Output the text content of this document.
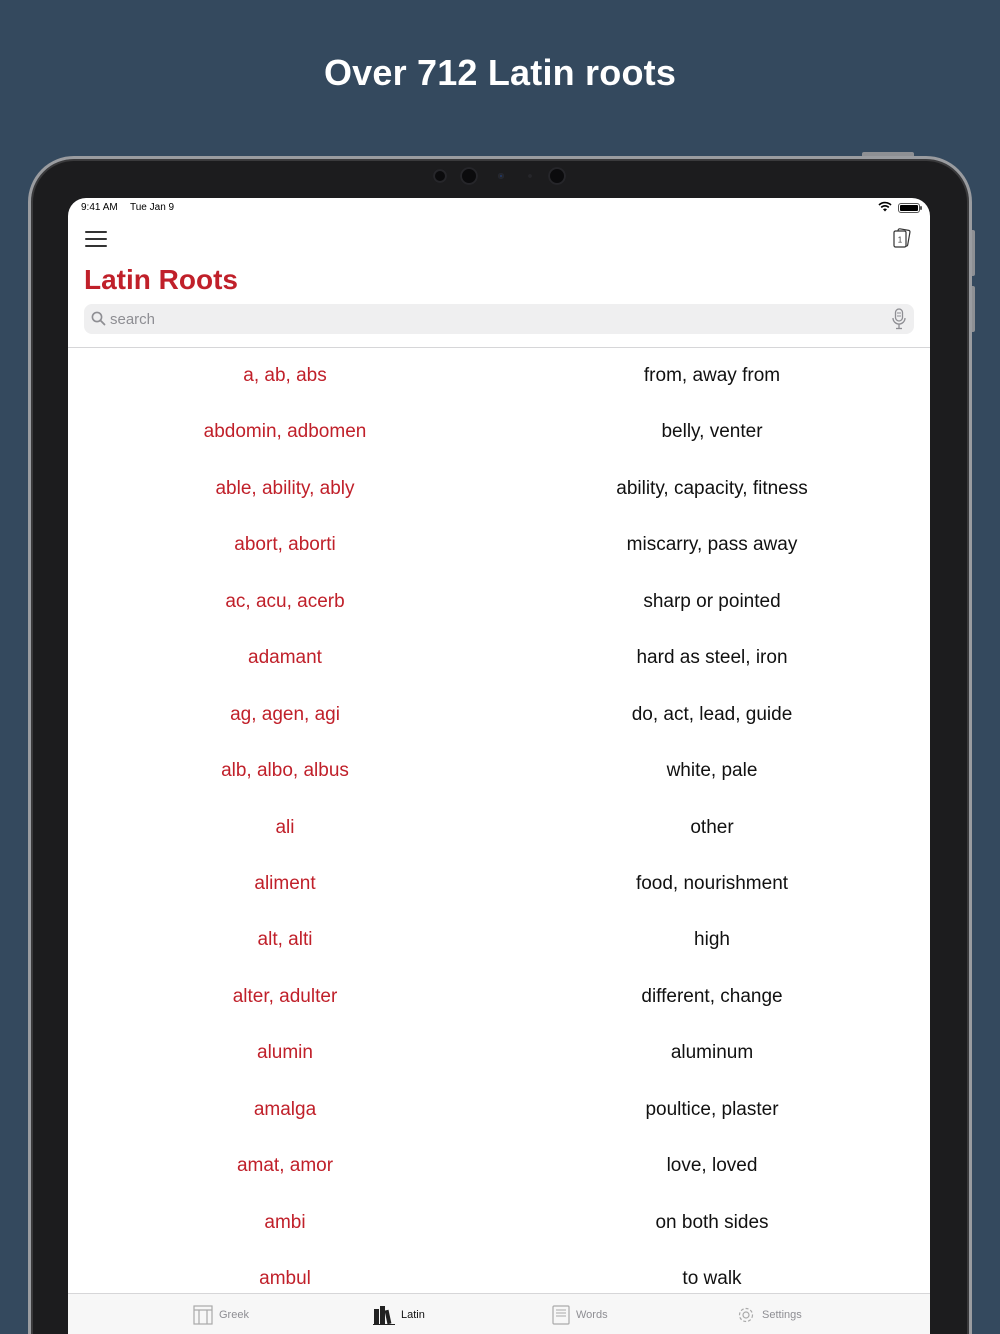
Over 712 Latin roots
9:41 AM Tue Jan 9
1
Latin Roots
search
a, ab, abs	from, away from
abdomin, adbomen	belly, venter
able, ability, ably	ability, capacity, fitness
abort, aborti	miscarry, pass away
ac, acu, acerb	sharp or pointed
adamant	hard as steel, iron
ag, agen, agi	do, act, lead, guide
alb, albo, albus	white, pale
ali	other
aliment	food, nourishment
alt, alti	high
alter, adulter	different, change
alumin	aluminum
amalga	poultice, plaster
amat, amor	love, loved
ambi	on both sides
ambul	to walk
Greek	Latin	Words	Settings
